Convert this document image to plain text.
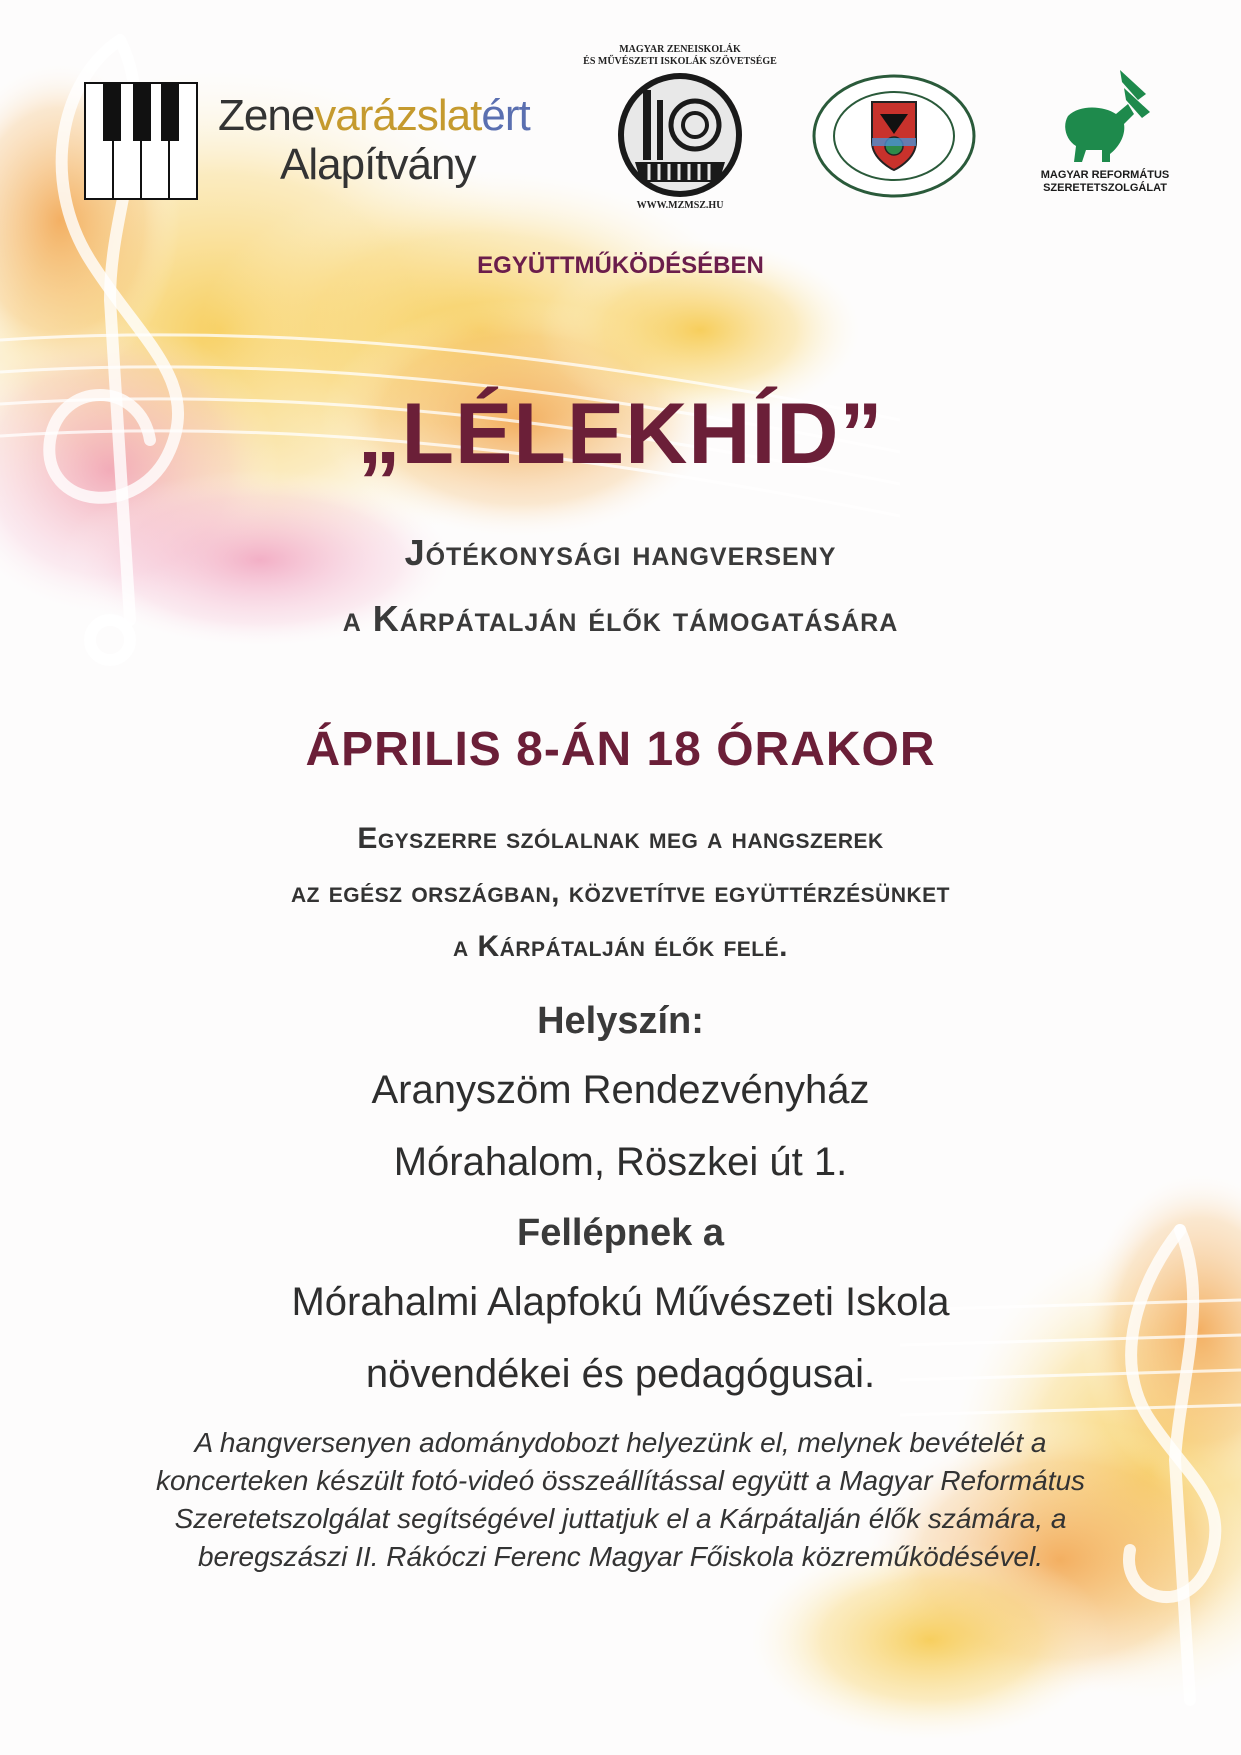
Zenevarázslatért
Alapítvány
MAGYAR ZENEISKOLÁK
ÉS MŰVÉSZETI ISKOLÁK SZÖVETSÉGE
WWW.MZMSZ.HU
MAGYAR REFORMÁTUS
SZERETETSZOLGÁLAT
EGYÜTTMŰKÖDÉSÉBEN
„LÉLEKHÍD”
Jótékonysági hangverseny
a Kárpátalján élők támogatására
ÁPRILIS 8-ÁN 18 ÓRAKOR
Egyszerre szólalnak meg a hangszerek
az egész országban, közvetítve együttérzésünket
a Kárpátalján élők felé.
Helyszín:
Aranyszöm Rendezvényház
Mórahalom, Röszkei út 1.
Fellépnek a
Mórahalmi Alapfokú Művészeti Iskola
növendékei és pedagógusai.
A hangversenyen adománydobozt helyezünk el, melynek bevételét a
koncerteken készült fotó-videó összeállítással együtt a Magyar Református
Szeretetszolgálat segítségével juttatjuk el a Kárpátalján élők számára, a
beregszászi II. Rákóczi Ferenc Magyar Főiskola közreműködésével.
